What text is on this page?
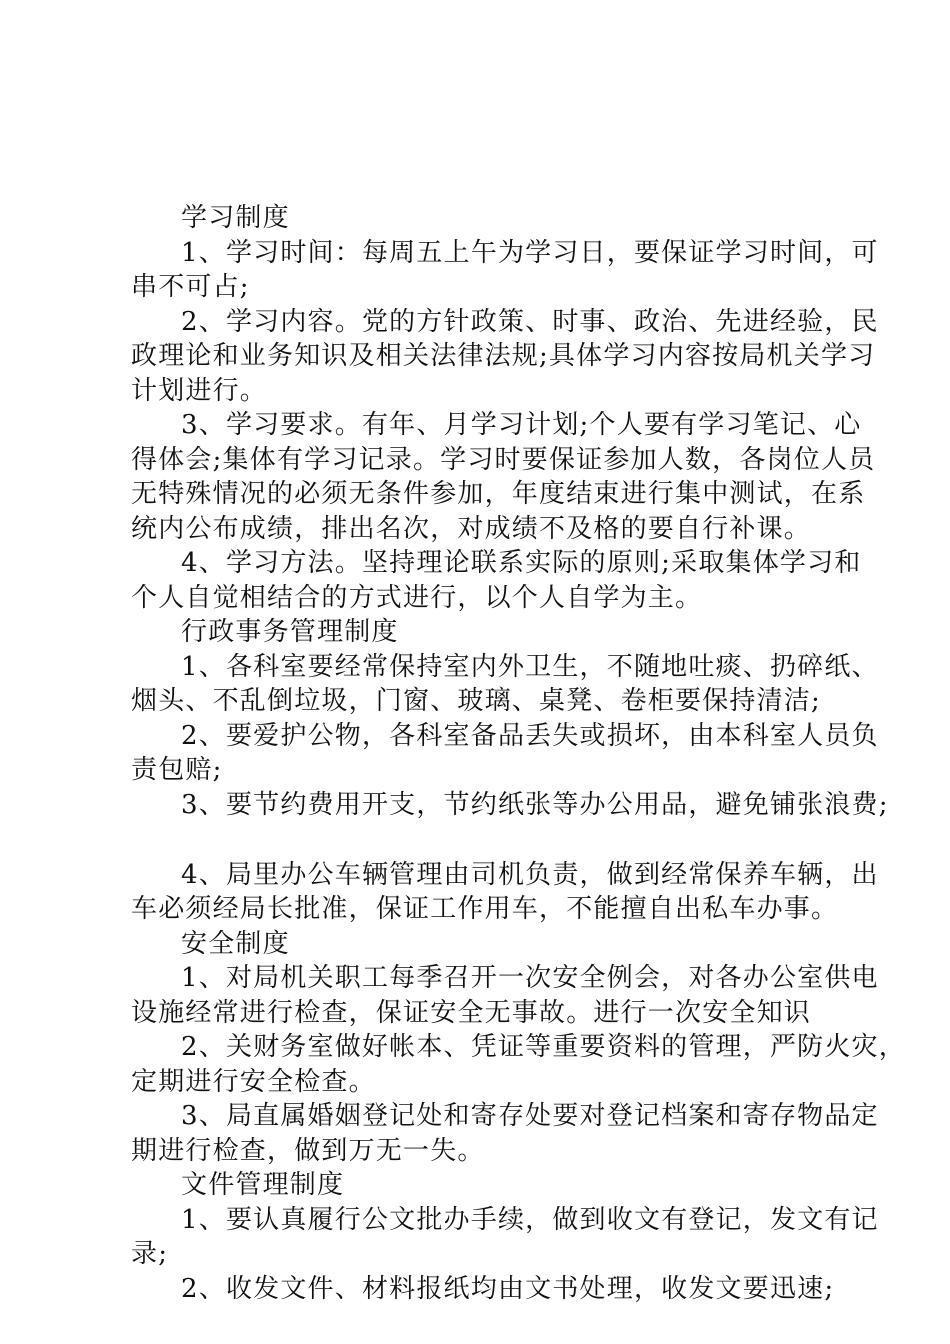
学习制度
1、学习时间：每周五上午为学习日，要保证学习时间，可
串不可占;
2、学习内容。党的方针政策、时事、政治、先进经验，民
政理论和业务知识及相关法律法规;具体学习内容按局机关学习
计划进行。
3、学习要求。有年、月学习计划;个人要有学习笔记、心
得体会;集体有学习记录。学习时要保证参加人数，各岗位人员
无特殊情况的必须无条件参加，年度结束进行集中测试，在系
统内公布成绩，排出名次，对成绩不及格的要自行补课。
4、学习方法。坚持理论联系实际的原则;采取集体学习和
个人自觉相结合的方式进行，以个人自学为主。
行政事务管理制度
1、各科室要经常保持室内外卫生，不随地吐痰、扔碎纸、
烟头、不乱倒垃圾，门窗、玻璃、桌凳、卷柜要保持清洁;
2、要爱护公物，各科室备品丢失或损坏，由本科室人员负
责包赔;
3、要节约费用开支，节约纸张等办公用品，避免铺张浪费;
4、局里办公车辆管理由司机负责，做到经常保养车辆，出
车必须经局长批准，保证工作用车，不能擅自出私车办事。
安全制度
1、对局机关职工每季召开一次安全例会，对各办公室供电
设施经常进行检查，保证安全无事故。进行一次安全知识
2、关财务室做好帐本、凭证等重要资料的管理，严防火灾，
定期进行安全检查。
3、局直属婚姻登记处和寄存处要对登记档案和寄存物品定
期进行检查，做到万无一失。
文件管理制度
1、要认真履行公文批办手续，做到收文有登记，发文有记
录;
2、收发文件、材料报纸均由文书处理，收发文要迅速;
